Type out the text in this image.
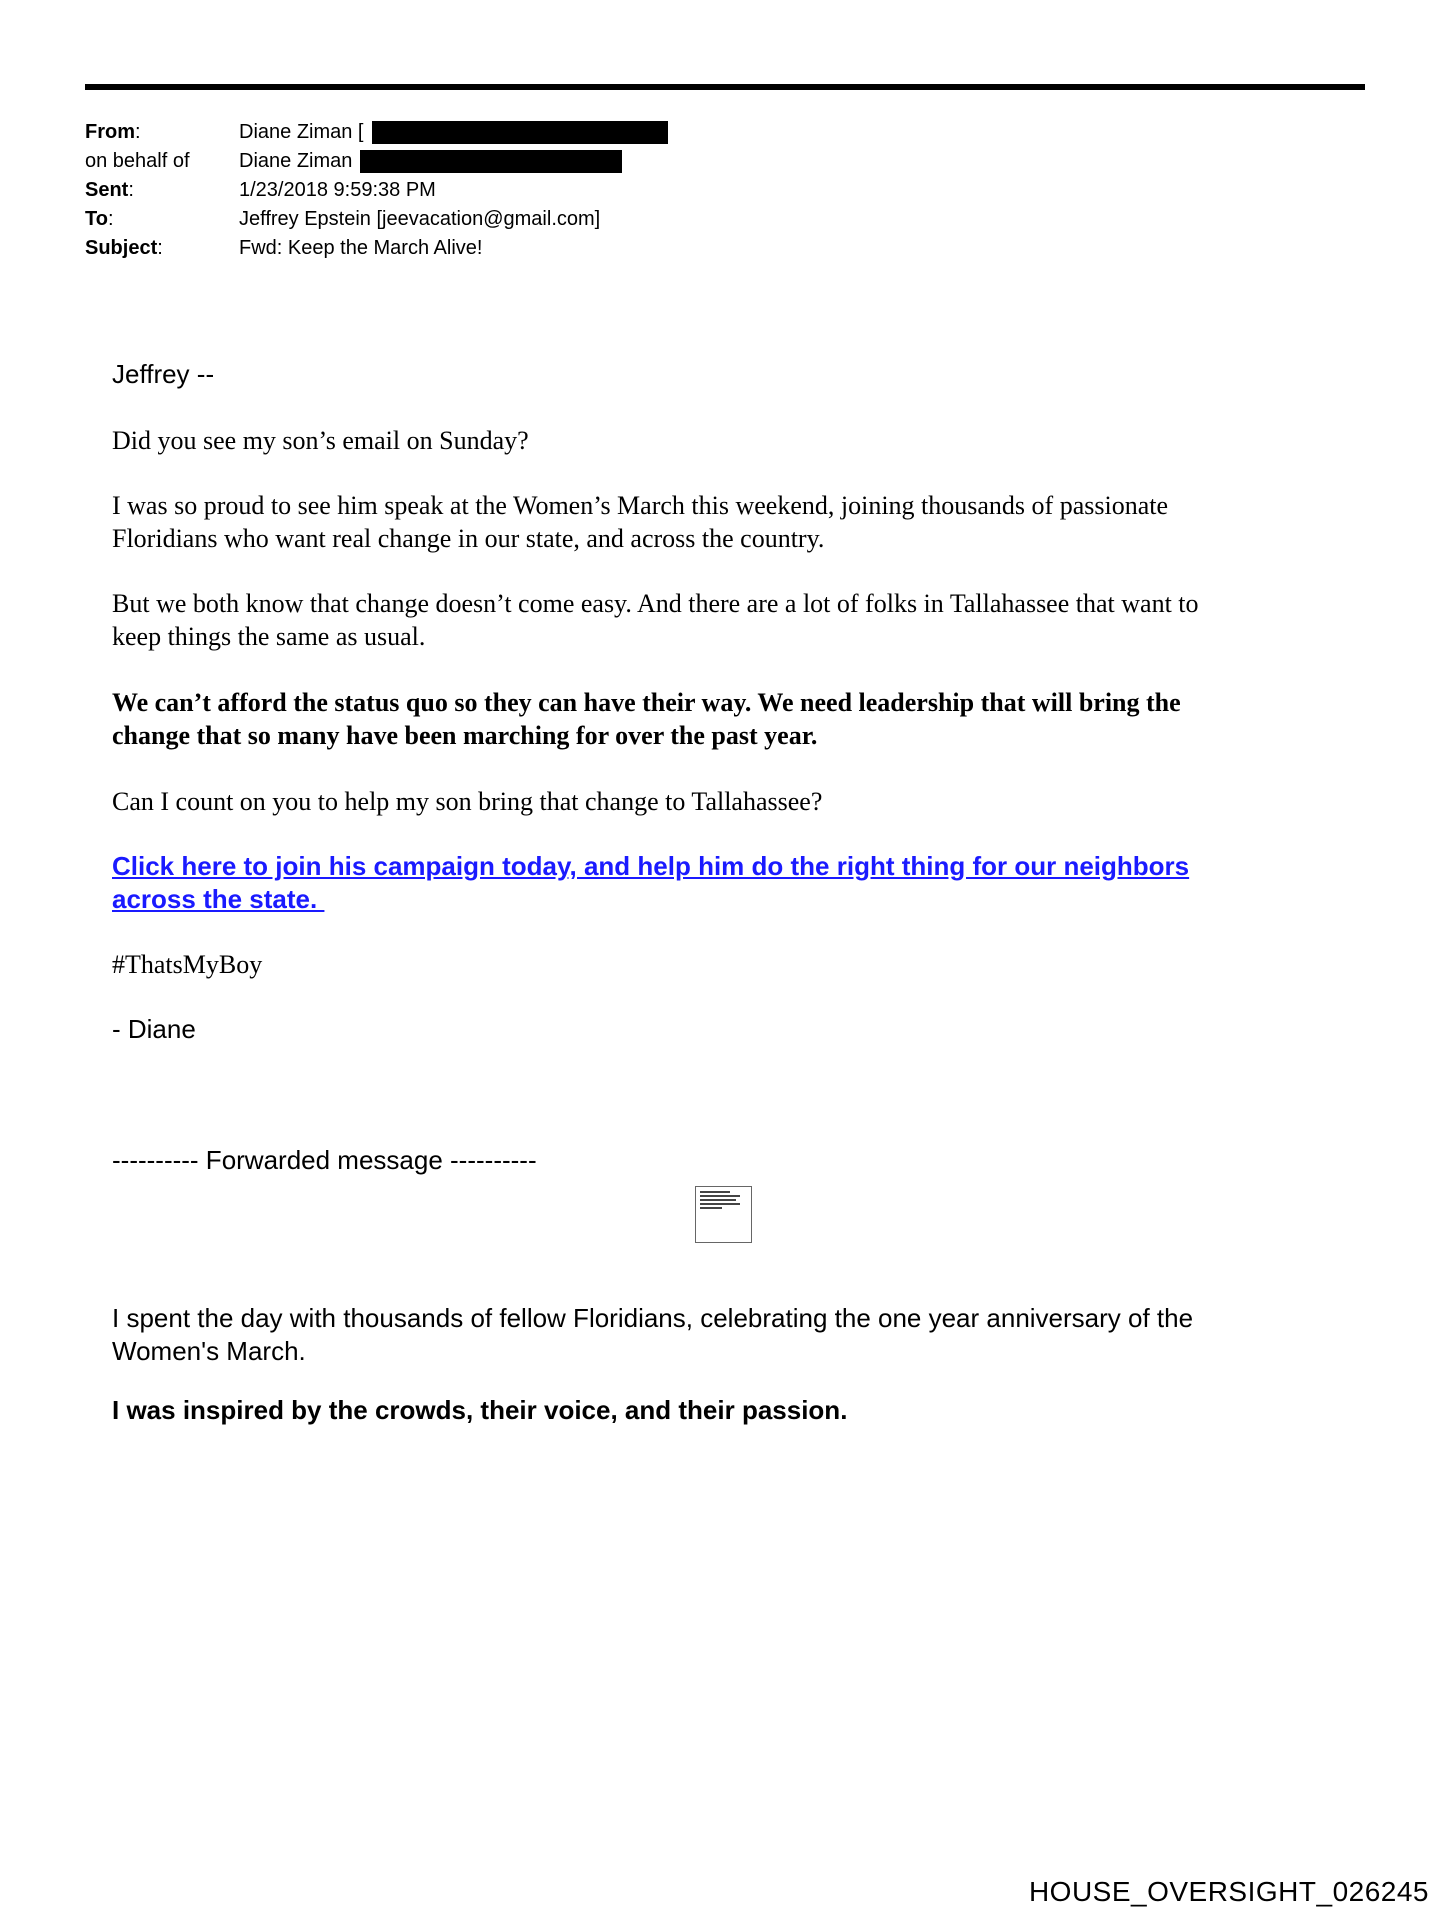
From:	Diane Ziman [
on behalf of	Diane Ziman
Sent:	1/23/2018 9:59:38 PM
To:	Jeffrey Epstein [jeevacation@gmail.com]
Subject:	Fwd: Keep the March Alive!
Jeffrey --
Did you see my son’s email on Sunday?
I was so proud to see him speak at the Women’s March this weekend, joining thousands of passionate
Floridians who want real change in our state, and across the country.
But we both know that change doesn’t come easy. And there are a lot of folks in Tallahassee that want to
keep things the same as usual.
We can’t afford the status quo so they can have their way. We need leadership that will bring the
change that so many have been marching for over the past year.
Can I count on you to help my son bring that change to Tallahassee?
Click here to join his campaign today, and help him do the right thing for our neighbors
across the state.
#ThatsMyBoy
- Diane
---------- Forwarded message ----------
I spent the day with thousands of fellow Floridians, celebrating the one year anniversary of the
Women's March.
I was inspired by the crowds, their voice, and their passion.
HOUSE_OVERSIGHT_026245
